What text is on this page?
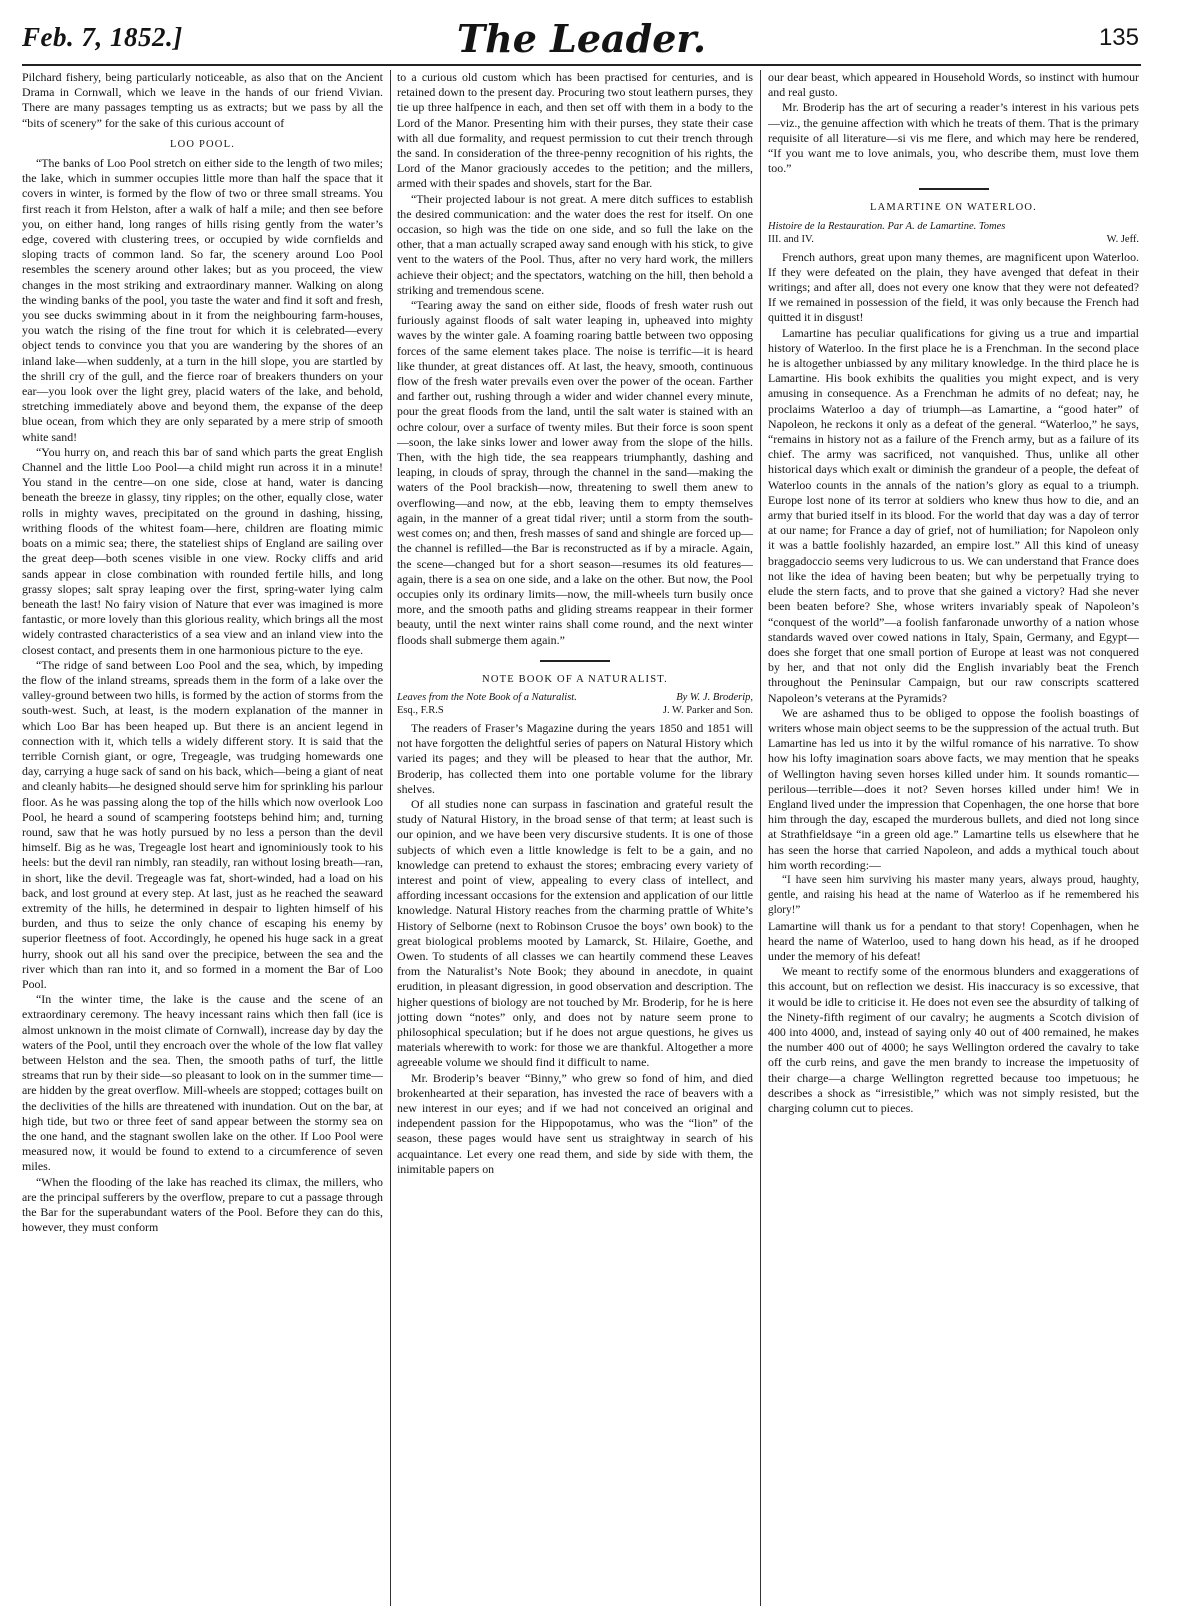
Feb. 7, 1852.]	The Leader.	135

Pilchard fishery, being particularly noticeable, as also that on the Ancient Drama in Cornwall, which we leave in the hands of our friend Vivian. There are many passages tempting us as extracts; but we pass by all the “bits of scenery” for the sake of this curious account of

LOO POOL.

“The banks of Loo Pool stretch on either side to the length of two miles; the lake, which in summer occupies little more than half the space that it covers in winter, is formed by the flow of two or three small streams. You first reach it from Helston, after a walk of half a mile; and then see before you, on either hand, long ranges of hills rising gently from the water’s edge, covered with clustering trees, or occupied by wide cornfields and sloping tracts of common land. So far, the scenery around Loo Pool resembles the scenery around other lakes; but as you proceed, the view changes in the most striking and extraordinary manner. Walking on along the winding banks of the pool, you taste the water and find it soft and fresh, you see ducks swimming about in it from the neighbouring farm-houses, you watch the rising of the fine trout for which it is celebrated—every object tends to convince you that you are wandering by the shores of an inland lake—when suddenly, at a turn in the hill slope, you are startled by the shrill cry of the gull, and the fierce roar of breakers thunders on your ear—you look over the light grey, placid waters of the lake, and behold, stretching immediately above and beyond them, the expanse of the deep blue ocean, from which they are only separated by a mere strip of smooth white sand!

“You hurry on, and reach this bar of sand which parts the great English Channel and the little Loo Pool—a child might run across it in a minute! You stand in the centre—on one side, close at hand, water is dancing beneath the breeze in glassy, tiny ripples; on the other, equally close, water rolls in mighty waves, precipitated on the ground in dashing, hissing, writhing floods of the whitest foam—here, children are floating mimic boats on a mimic sea; there, the stateliest ships of England are sailing over the great deep—both scenes visible in one view. Rocky cliffs and arid sands appear in close combination with rounded fertile hills, and long grassy slopes; salt spray leaping over the first, spring-water lying calm beneath the last! No fairy vision of Nature that ever was imagined is more fantastic, or more lovely than this glorious reality, which brings all the most widely contrasted characteristics of a sea view and an inland view into the closest contact, and presents them in one harmonious picture to the eye.

“The ridge of sand between Loo Pool and the sea, which, by impeding the flow of the inland streams, spreads them in the form of a lake over the valley-ground between two hills, is formed by the action of storms from the south-west. Such, at least, is the modern explanation of the manner in which Loo Bar has been heaped up. But there is an ancient legend in connection with it, which tells a widely different story. It is said that the terrible Cornish giant, or ogre, Tregeagle, was trudging homewards one day, carrying a huge sack of sand on his back, which—being a giant of neat and cleanly habits—he designed should serve him for sprinkling his parlour floor. As he was passing along the top of the hills which now overlook Loo Pool, he heard a sound of scampering footsteps behind him; and, turning round, saw that he was hotly pursued by no less a person than the devil himself. Big as he was, Tregeagle lost heart and ignominiously took to his heels: but the devil ran nimbly, ran steadily, ran without losing breath—ran, in short, like the devil. Tregeagle was fat, short-winded, had a load on his back, and lost ground at every step. At last, just as he reached the seaward extremity of the hills, he determined in despair to lighten himself of his burden, and thus to seize the only chance of escaping his enemy by superior fleetness of foot. Accordingly, he opened his huge sack in a great hurry, shook out all his sand over the precipice, between the sea and the river which than ran into it, and so formed in a moment the Bar of Loo Pool.

“In the winter time, the lake is the cause and the scene of an extraordinary ceremony. The heavy incessant rains which then fall (ice is almost unknown in the moist climate of Cornwall), increase day by day the waters of the Pool, until they encroach over the whole of the low flat valley between Helston and the sea. Then, the smooth paths of turf, the little streams that run by their side—so pleasant to look on in the summer time—are hidden by the great overflow. Mill-wheels are stopped; cottages built on the declivities of the hills are threatened with inundation. Out on the bar, at high tide, but two or three feet of sand appear between the stormy sea on the one hand, and the stagnant swollen lake on the other. If Loo Pool were measured now, it would be found to extend to a circumference of seven miles.

“When the flooding of the lake has reached its climax, the millers, who are the principal sufferers by the overflow, prepare to cut a passage through the Bar for the superabundant waters of the Pool. Before they can do this, however, they must conform

to a curious old custom which has been practised for centuries, and is retained down to the present day. Procuring two stout leathern purses, they tie up three halfpence in each, and then set off with them in a body to the Lord of the Manor. Presenting him with their purses, they state their case with all due formality, and request permission to cut their trench through the sand. In consideration of the three-penny recognition of his rights, the Lord of the Manor graciously accedes to the petition; and the millers, armed with their spades and shovels, start for the Bar.

“Their projected labour is not great. A mere ditch suffices to establish the desired communication: and the water does the rest for itself. On one occasion, so high was the tide on one side, and so full the lake on the other, that a man actually scraped away sand enough with his stick, to give vent to the waters of the Pool. Thus, after no very hard work, the millers achieve their object; and the spectators, watching on the hill, then behold a striking and tremendous scene.

“Tearing away the sand on either side, floods of fresh water rush out furiously against floods of salt water leaping in, upheaved into mighty waves by the winter gale. A foaming roaring battle between two opposing forces of the same element takes place. The noise is terrific—it is heard like thunder, at great distances off. At last, the heavy, smooth, continuous flow of the fresh water prevails even over the power of the ocean. Farther and farther out, rushing through a wider and wider channel every minute, pour the great floods from the land, until the salt water is stained with an ochre colour, over a surface of twenty miles. But their force is soon spent—soon, the lake sinks lower and lower away from the slope of the hills. Then, with the high tide, the sea reappears triumphantly, dashing and leaping, in clouds of spray, through the channel in the sand—making the waters of the Pool brackish—now, threatening to swell them anew to overflowing—and now, at the ebb, leaving them to empty themselves again, in the manner of a great tidal river; until a storm from the south-west comes on; and then, fresh masses of sand and shingle are forced up—the channel is refilled—the Bar is reconstructed as if by a miracle. Again, the scene—changed but for a short season—resumes its old features—again, there is a sea on one side, and a lake on the other. But now, the Pool occupies only its ordinary limits—now, the mill-wheels turn busily once more, and the smooth paths and gliding streams reappear in their former beauty, until the next winter rains shall come round, and the next winter floods shall submerge them again.”

NOTE BOOK OF A NATURALIST.

Leaves from the Note Book of a Naturalist.	By W. J. Broderip,
Esq., F.R.S	J. W. Parker and Son.

The readers of Fraser’s Magazine during the years 1850 and 1851 will not have forgotten the delightful series of papers on Natural History which varied its pages; and they will be pleased to hear that the author, Mr. Broderip, has collected them into one portable volume for the library shelves.

Of all studies none can surpass in fascination and grateful result the study of Natural History, in the broad sense of that term; at least such is our opinion, and we have been very discursive students. It is one of those subjects of which even a little knowledge is felt to be a gain, and no knowledge can pretend to exhaust the stores; embracing every variety of interest and point of view, appealing to every class of intellect, and affording incessant occasions for the extension and application of our little knowledge. Natural History reaches from the charming prattle of White’s History of Selborne (next to Robinson Crusoe the boys’ own book) to the great biological problems mooted by Lamarck, St. Hilaire, Goethe, and Owen. To students of all classes we can heartily commend these Leaves from the Naturalist’s Note Book; they abound in anecdote, in quaint erudition, in pleasant digression, in good observation and description. The higher questions of biology are not touched by Mr. Broderip, for he is here jotting down “notes” only, and does not by nature seem prone to philosophical speculation; but if he does not argue questions, he gives us materials wherewith to work: for those we are thankful. Altogether a more agreeable volume we should find it difficult to name.

Mr. Broderip’s beaver “Binny,” who grew so fond of him, and died brokenhearted at their separation, has invested the race of beavers with a new interest in our eyes; and if we had not conceived an original and independent passion for the Hippopotamus, who was the “lion” of the season, these pages would have sent us straightway in search of his acquaintance. Let every one read them, and side by side with them, the inimitable papers on

our dear beast, which appeared in Household Words, so instinct with humour and real gusto.

Mr. Broderip has the art of securing a reader’s interest in his various pets—viz., the genuine affection with which he treats of them. That is the primary requisite of all literature—si vis me flere, and which may here be rendered, “If you want me to love animals, you, who describe them, must love them too.”

LAMARTINE ON WATERLOO.

Histoire de la Restauration. Par A. de Lamartine. Tomes
III. and IV.	W. Jeff.

French authors, great upon many themes, are magnificent upon Waterloo. If they were defeated on the plain, they have avenged that defeat in their writings; and after all, does not every one know that they were not defeated? If we remained in possession of the field, it was only because the French had quitted it in disgust!

Lamartine has peculiar qualifications for giving us a true and impartial history of Waterloo. In the first place he is a Frenchman. In the second place he is altogether unbiassed by any military knowledge. In the third place he is Lamartine. His book exhibits the qualities you might expect, and is very amusing in consequence. As a Frenchman he admits of no defeat; nay, he proclaims Waterloo a day of triumph—as Lamartine, a “good hater” of Napoleon, he reckons it only as a defeat of the general. “Waterloo,” he says, “remains in history not as a failure of the French army, but as a failure of its chief. The army was sacrificed, not vanquished. Thus, unlike all other historical days which exalt or diminish the grandeur of a people, the defeat of Waterloo counts in the annals of the nation’s glory as equal to a triumph. Europe lost none of its terror at soldiers who knew thus how to die, and an army that buried itself in its blood. For the world that day was a day of terror at our name; for France a day of grief, not of humiliation; for Napoleon only it was a battle foolishly hazarded, an empire lost.” All this kind of uneasy braggadoccio seems very ludicrous to us. We can understand that France does not like the idea of having been beaten; but why be perpetually trying to elude the stern facts, and to prove that she gained a victory? Had she never been beaten before? She, whose writers invariably speak of Napoleon’s “conquest of the world”—a foolish fanfaronade unworthy of a nation whose standards waved over cowed nations in Italy, Spain, Germany, and Egypt—does she forget that one small portion of Europe at least was not conquered by her, and that not only did the English invariably beat the French throughout the Peninsular Campaign, but our raw conscripts scattered Napoleon’s veterans at the Pyramids?

We are ashamed thus to be obliged to oppose the foolish boastings of writers whose main object seems to be the suppression of the actual truth. But Lamartine has led us into it by the wilful romance of his narrative. To show how his lofty imagination soars above facts, we may mention that he speaks of Wellington having seven horses killed under him. It sounds romantic—perilous—terrible—does it not? Seven horses killed under him! We in England lived under the impression that Copenhagen, the one horse that bore him through the day, escaped the murderous bullets, and died not long since at Strathfieldsaye “in a green old age.” Lamartine tells us elsewhere that he has seen the horse that carried Napoleon, and adds a mythical touch about him worth recording:—

“I have seen him surviving his master many years, always proud, haughty, gentle, and raising his head at the name of Waterloo as if he remembered his glory!”

Lamartine will thank us for a pendant to that story! Copenhagen, when he heard the name of Waterloo, used to hang down his head, as if he drooped under the memory of his defeat!

We meant to rectify some of the enormous blunders and exaggerations of this account, but on reflection we desist. His inaccuracy is so excessive, that it would be idle to criticise it. He does not even see the absurdity of talking of the Ninety-fifth regiment of our cavalry; he augments a Scotch division of 400 into 4000, and, instead of saying only 40 out of 400 remained, he makes the number 400 out of 4000; he says Wellington ordered the cavalry to take off the curb reins, and gave the men brandy to increase the impetuosity of their charge—a charge Wellington regretted because too impetuous; he describes a shock as “irresistible,” which was not simply resisted, but the charging column cut to pieces.
